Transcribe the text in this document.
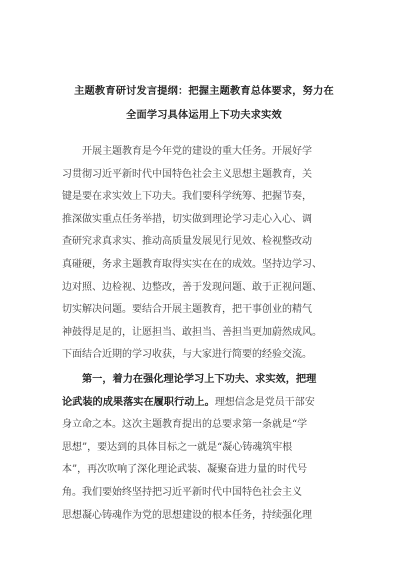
主题教育研讨发言提纲：把握主题教育总体要求，努力在
全面学习具体运用上下功夫求实效
开展主题教育是今年党的建设的重大任务。开展好学
习贯彻习近平新时代中国特色社会主义思想主题教育，关
键是要在求实效上下功夫。我们要科学统筹、把握节奏，
推深做实重点任务举措，切实做到理论学习走心入心、调
查研究求真求实、推动高质量发展见行见效、检视整改动
真碰硬，务求主题教育取得实实在在的成效。坚持边学习、
边对照、边检视、边整改，善于发现问题、敢于正视问题、
切实解决问题。要结合开展主题教育，把干事创业的精气
神鼓得足足的，让愿担当、敢担当、善担当更加蔚然成风。
下面结合近期的学习收获，与大家进行简要的经验交流。
第一，着力在强化理论学习上下功夫、求实效，把理
论武装的成果落实在履职行动上。理想信念是党员干部安
身立命之本。这次主题教育提出的总要求第一条就是“学
思想”，要达到的具体目标之一就是“凝心铸魂筑牢根
本”，再次吹响了深化理论武装、凝聚奋进力量的时代号
角。我们要始终坚持把习近平新时代中国特色社会主义
思想凝心铸魂作为党的思想建设的根本任务，持续强化理
